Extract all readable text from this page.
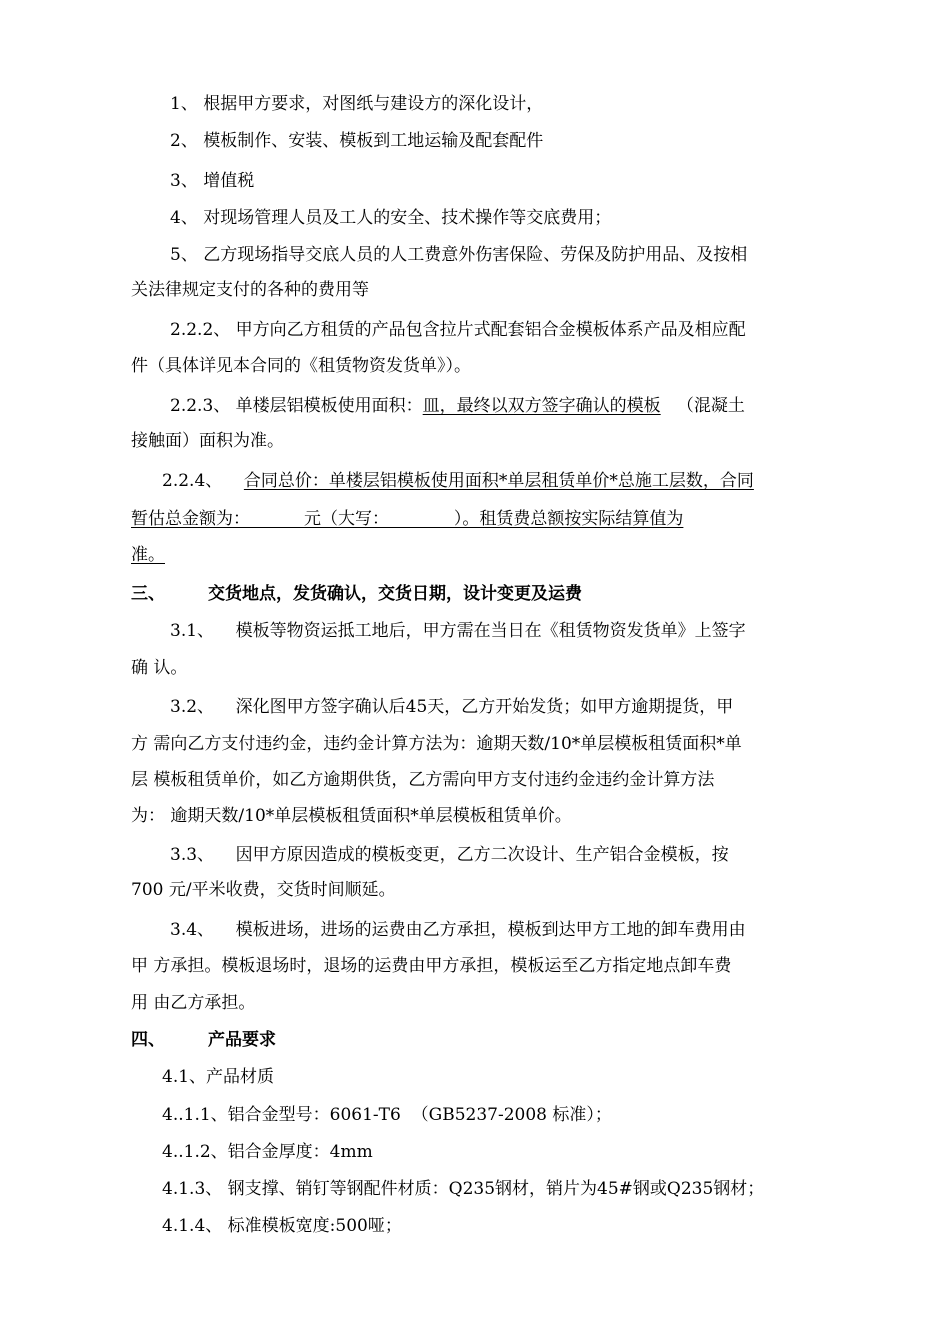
1、 根据甲方要求，对图纸与建设方的深化设计，
2、 模板制作、安装、模板到工地运输及配套配件
3、 增值税
4、 对现场管理人员及工人的安全、技术操作等交底费用；
5、 乙方现场指导交底人员的人工费意外伤害保险、劳保及防护用品、及按相
关法律规定支付的各种的费用等
2.2.2、 甲方向乙方租赁的产品包含拉片式配套铝合金模板体系产品及相应配
件（具体详见本合同的《租赁物资发货单》）。
2.2.3、 单楼层铝模板使用面积：皿，最终以双方签字确认的模板 （混凝土
接触面）面积为准。
2.2.4、 合同总价：单楼层铝模板使用面积*单层租赁单价*总施工层数，合同
暂估总金额为：          元（大写：            ）。租赁费总额按实际结算值为
准。
三、	交货地点，发货确认，交货日期，设计变更及运费
3.1、    模板等物资运抵工地后，甲方需在当日在《租赁物资发货单》上签字
确 认。
3.2、    深化图甲方签字确认后45天，乙方开始发货；如甲方逾期提货，甲
方 需向乙方支付违约金，违约金计算方法为：逾期天数/10*单层模板租赁面积*单
层 模板租赁单价，如乙方逾期供货，乙方需向甲方支付违约金违约金计算方法
为： 逾期天数/10*单层模板租赁面积*单层模板租赁单价。
3.3、    因甲方原因造成的模板变更，乙方二次设计、生产铝合金模板，按
700 元/平米收费，交货时间顺延。
3.4、    模板进场，进场的运费由乙方承担，模板到达甲方工地的卸车费用由
甲 方承担。模板退场时，退场的运费由甲方承担，模板运至乙方指定地点卸车费
用 由乙方承担。
四、	产品要求
4.1、产品材质
4..1.1、铝合金型号：6061-T6  （GB5237-2008 标准）；
4..1.2、铝合金厚度：4mm
4.1.3、 钢支撑、销钉等钢配件材质：Q235钢材，销片为45#钢或Q235钢材；
4.1.4、 标准模板宽度:500哑；
